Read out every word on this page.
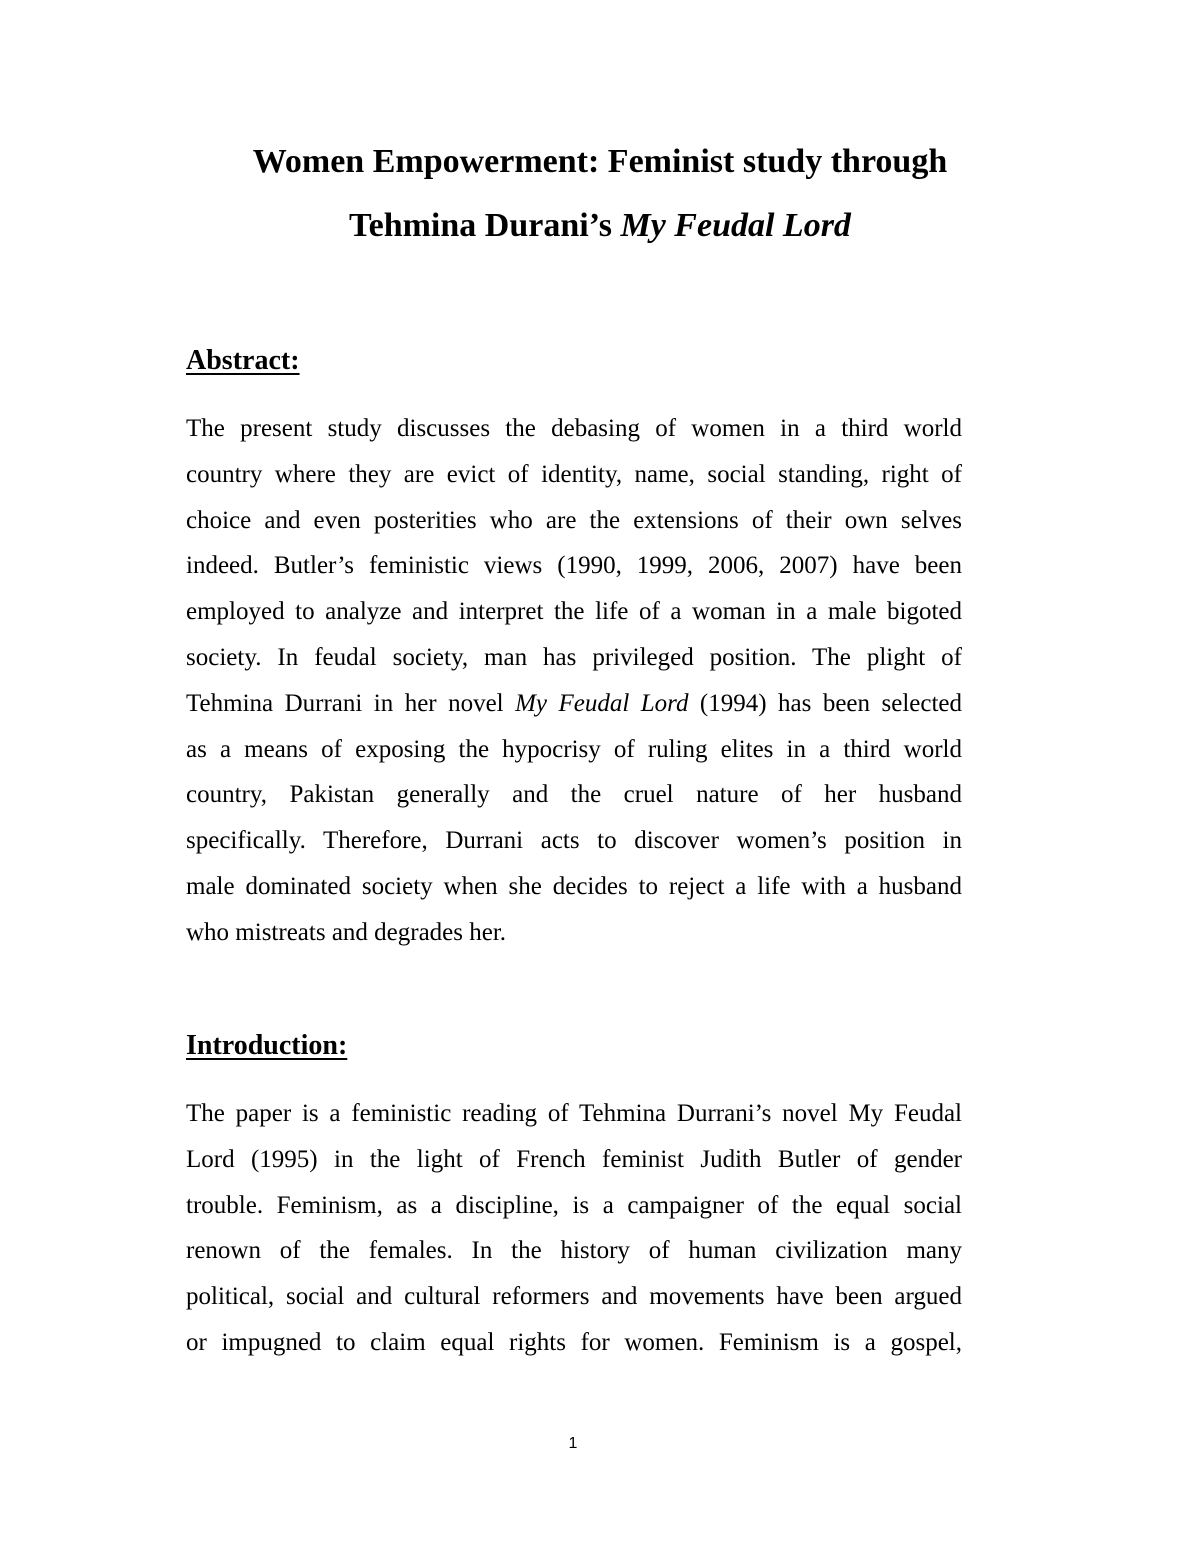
Women Empowerment: Feminist study through
Tehmina Durani’s My Feudal Lord
Abstract:
The present study discusses the debasing of women in a third world
country where they are evict of identity, name, social standing, right of
choice and even posterities who are the extensions of their own selves
indeed. Butler’s feministic views (1990, 1999, 2006, 2007) have been
employed to analyze and interpret the life of a woman in a male bigoted
society. In feudal society, man has privileged position. The plight of
Tehmina Durrani in her novel My Feudal Lord (1994) has been selected
as a means of exposing the hypocrisy of ruling elites in a third world
country, Pakistan generally and the cruel nature of her husband
specifically. Therefore, Durrani acts to discover women’s position in
male dominated society when she decides to reject a life with a husband
who mistreats and degrades her.
Introduction:
The paper is a feministic reading of Tehmina Durrani’s novel My Feudal
Lord (1995) in the light of French feminist Judith Butler of gender
trouble. Feminism, as a discipline, is a campaigner of the equal social
renown of the females. In the history of human civilization many
political, social and cultural reformers and movements have been argued
or impugned to claim equal rights for women. Feminism is a gospel,
1
